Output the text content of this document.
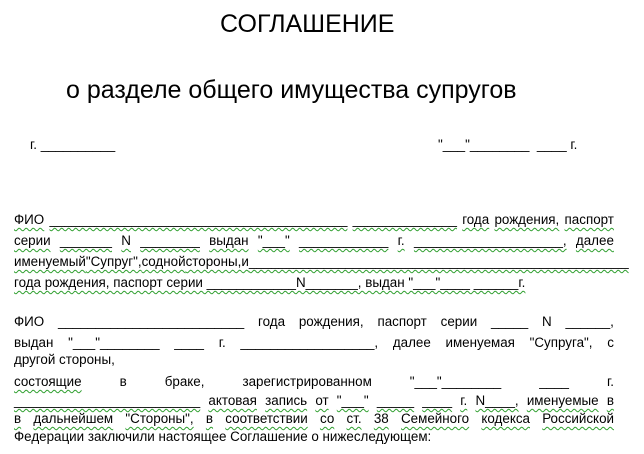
СОГЛАШЕНИЕ
о разделе общего имущества супругов
г. __________	"___"________  ____ г.
ФИО ________________________________________ ______________ года рождения, паспорт
серии _______ N ________ выдан "___" ____________ г. ____________________, далее
именуемый "Супруг", с одной стороны, и ___________________________________________________
года рождения, паспорт серии ____________N_______, выдан "___"____ ______г.
ФИО _________________________ года рождения, паспорт серии _____ N ______,
выдан "___"________ ____ г. __________________, далее именуемая "Супруга", с
другой стороны,
состоящие	в	браке,	зарегистрированном	"___"________	____	г.
_________________________ актовая запись от "___" _____ ____ г. N____, именуемые в
в дальнейшем "Стороны", в соответствии со ст. 38 Семейного кодекса Российской
Федерации заключили настоящее Соглашение о нижеследующем:
